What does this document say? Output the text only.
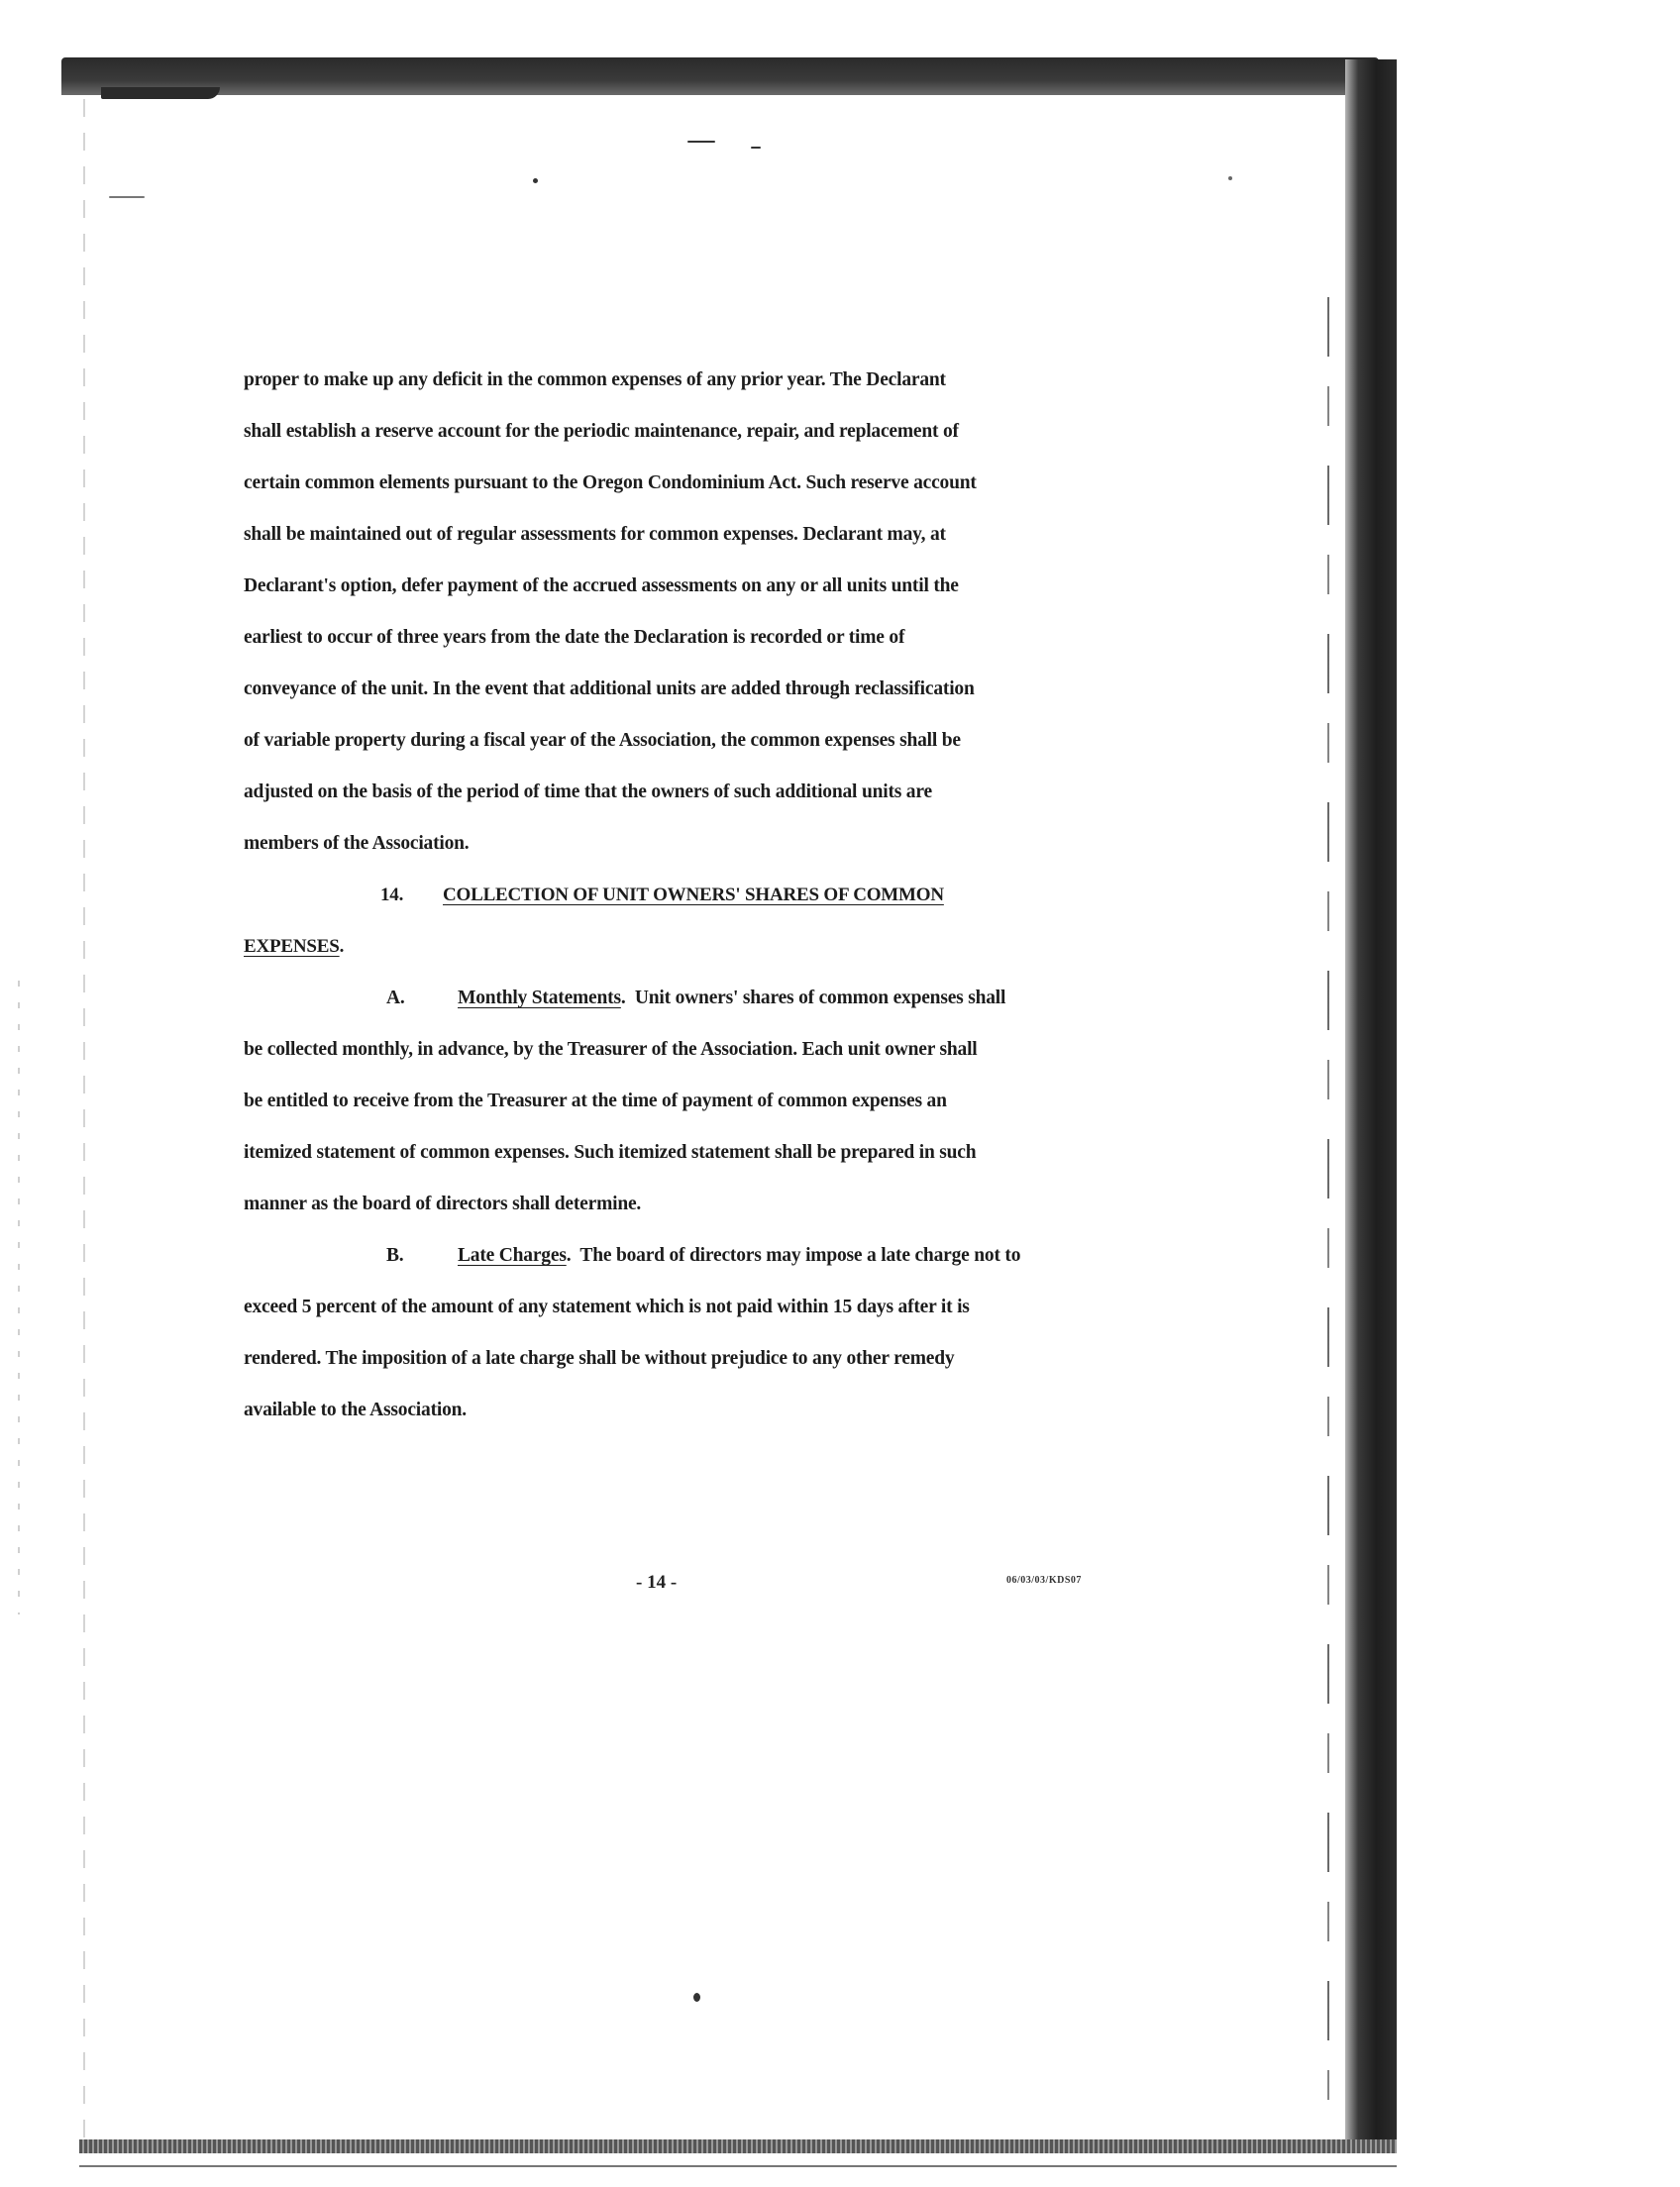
proper to make up any deficit in the common expenses of any prior year. The Declarant
shall establish a reserve account for the periodic maintenance, repair, and replacement of
certain common elements pursuant to the Oregon Condominium Act. Such reserve account
shall be maintained out of regular assessments for common expenses. Declarant may, at
Declarant's option, defer payment of the accrued assessments on any or all units until the
earliest to occur of three years from the date the Declaration is recorded or time of
conveyance of the unit. In the event that additional units are added through reclassification
of variable property during a fiscal year of the Association, the common expenses shall be
adjusted on the basis of the period of time that the owners of such additional units are
members of the Association.
14. COLLECTION OF UNIT OWNERS' SHARES OF COMMON
EXPENSES.
A.	Monthly Statements.  Unit owners' shares of common expenses shall
be collected monthly, in advance, by the Treasurer of the Association. Each unit owner shall
be entitled to receive from the Treasurer at the time of payment of common expenses an
itemized statement of common expenses. Such itemized statement shall be prepared in such
manner as the board of directors shall determine.
B.	Late Charges.  The board of directors may impose a late charge not to
exceed 5 percent of the amount of any statement which is not paid within 15 days after it is
rendered. The imposition of a late charge shall be without prejudice to any other remedy
available to the Association.
- 14 -	06/03/03/KDS07
